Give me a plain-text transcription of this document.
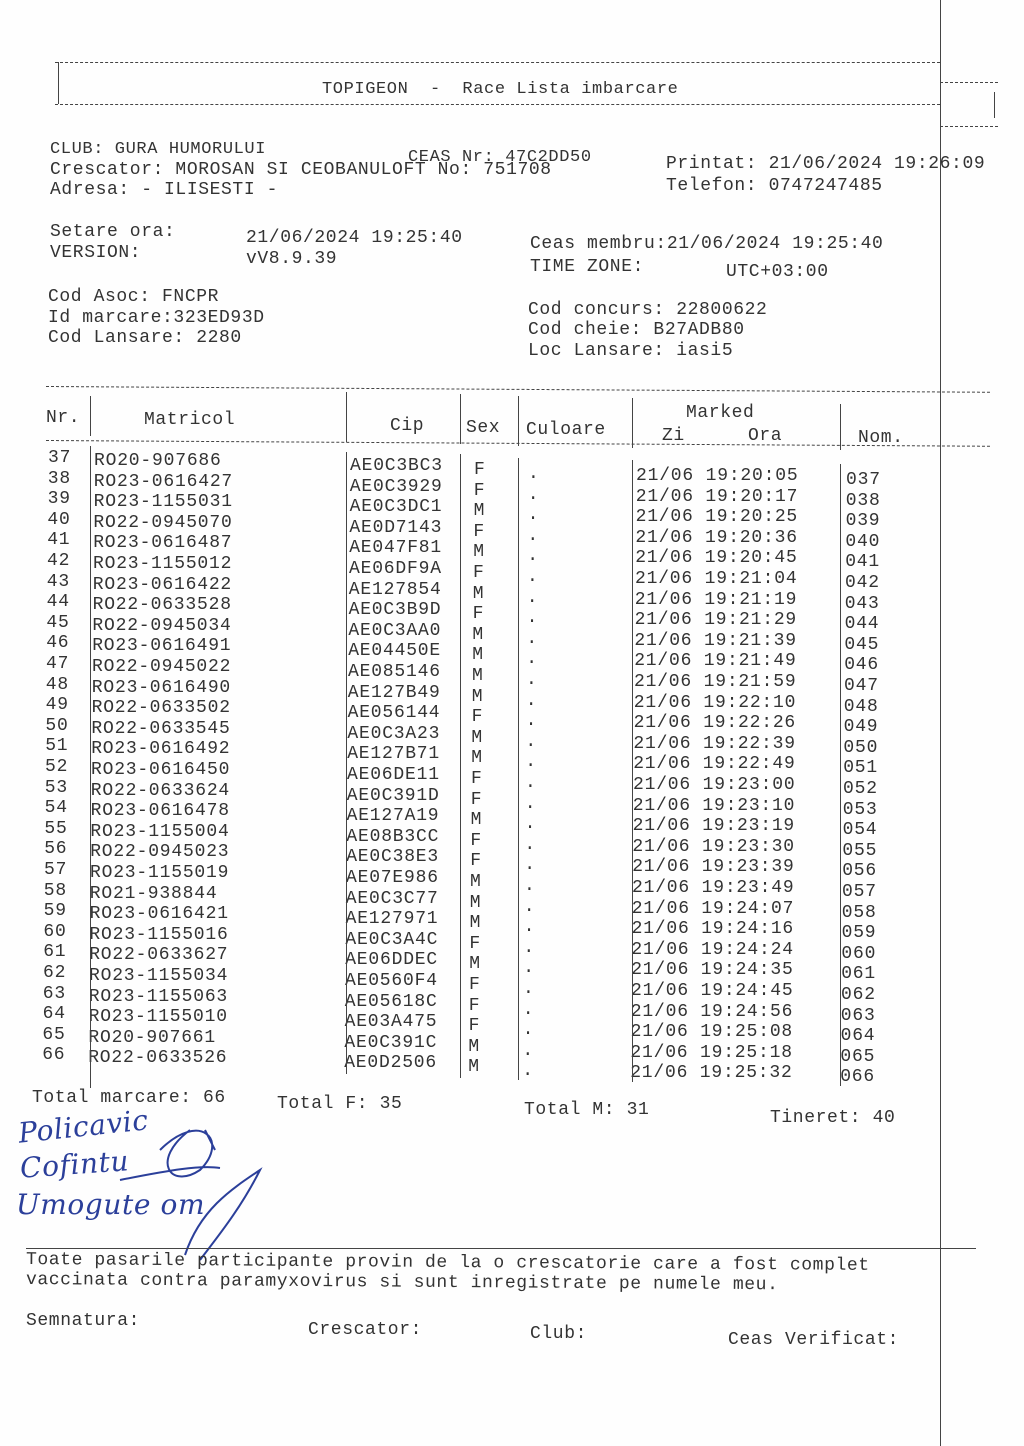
TOPIGEON  -  Race Lista imbarcare
CLUB: GURA HUMORULUI	CEAS Nr: 47C2DD50	Printat: 21/06/2024 19:26:09
Crescator: MOROSAN SI CEOBANULOFT No: 751708
Telefon: 0747247485
Adresa: - ILISESTI -
Setare ora:	21/06/2024 19:25:40
VERSION:	vV8.9.39
Ceas membru:21/06/2024 19:25:40
TIME ZONE:	UTC+03:00
Cod Asoc: FNCPR
Id marcare:323ED93D
Cod Lansare: 2280
Cod concurs: 22800622
Cod cheie: B27ADB80
Loc Lansare: iasi5
Nr.	Matricol	Cip Sex Culoare
Marked
Zi	Ora	Nom.
37 RO20-907686	AE0C3BC3 F .	21/06 19:20:05	037
38 RO23-0616427	AE0C3929 F .	21/06 19:20:17	038
39 RO23-1155031	AE0C3DC1 M .	21/06 19:20:25	039
40 RO22-0945070	AE0D7143 F .	21/06 19:20:36	040
41 RO23-0616487	AE047F81 M .	21/06 19:20:45	041
42 RO23-1155012	AE06DF9A F .	21/06 19:21:04	042
43 RO23-0616422	AE127854 M .	21/06 19:21:19	043
44 RO22-0633528	AE0C3B9D F .	21/06 19:21:29	044
45 RO22-0945034	AE0C3AA0 M .	21/06 19:21:39	045
46 RO23-0616491	AE04450E M .	21/06 19:21:49	046
47 RO22-0945022	AE085146 M .	21/06 19:21:59	047
48 RO23-0616490	AE127B49 M .	21/06 19:22:10	048
49 RO22-0633502	AE056144 F .	21/06 19:22:26	049
50 RO22-0633545	AE0C3A23 M .	21/06 19:22:39	050
51 RO23-0616492	AE127B71 M .	21/06 19:22:49	051
52 RO23-0616450	AE06DE11 F .	21/06 19:23:00	052
53 RO22-0633624	AE0C391D F .	21/06 19:23:10	053
54 RO23-0616478	AE127A19 M .	21/06 19:23:19	054
55 RO23-1155004	AE08B3CC F .	21/06 19:23:30	055
56 RO22-0945023	AE0C38E3 F .	21/06 19:23:39	056
57 RO23-1155019	AE07E986 M .	21/06 19:23:49	057
58 RO21-938844	AE0C3C77 M .	21/06 19:24:07	058
59 RO23-0616421	AE127971 M .	21/06 19:24:16	059
60 RO23-1155016	AE0C3A4C F .	21/06 19:24:24	060
61 RO22-0633627	AE06DDEC M .	21/06 19:24:35	061
62 RO23-1155034	AE0560F4 F .	21/06 19:24:45	062
63 RO23-1155063	AE05618C F .	21/06 19:24:56	063
64 RO23-1155010	AE03A475 F .	21/06 19:25:08	064
65 RO20-907661	AE0C391C M .	21/06 19:25:18	065
66 RO22-0633526	AE0D2506 M .	21/06 19:25:32	066
Total marcare: 66	Total F: 35	Total M: 31	Tineret: 40
Policavic
Cofintu
Umogute om
Toate pasarile participante provin de la o crescatorie care a fost complet
vaccinata contra paramyxovirus si sunt inregistrate pe numele meu.
Semnatura:	Crescator:	Club:	Ceas Verificat:
